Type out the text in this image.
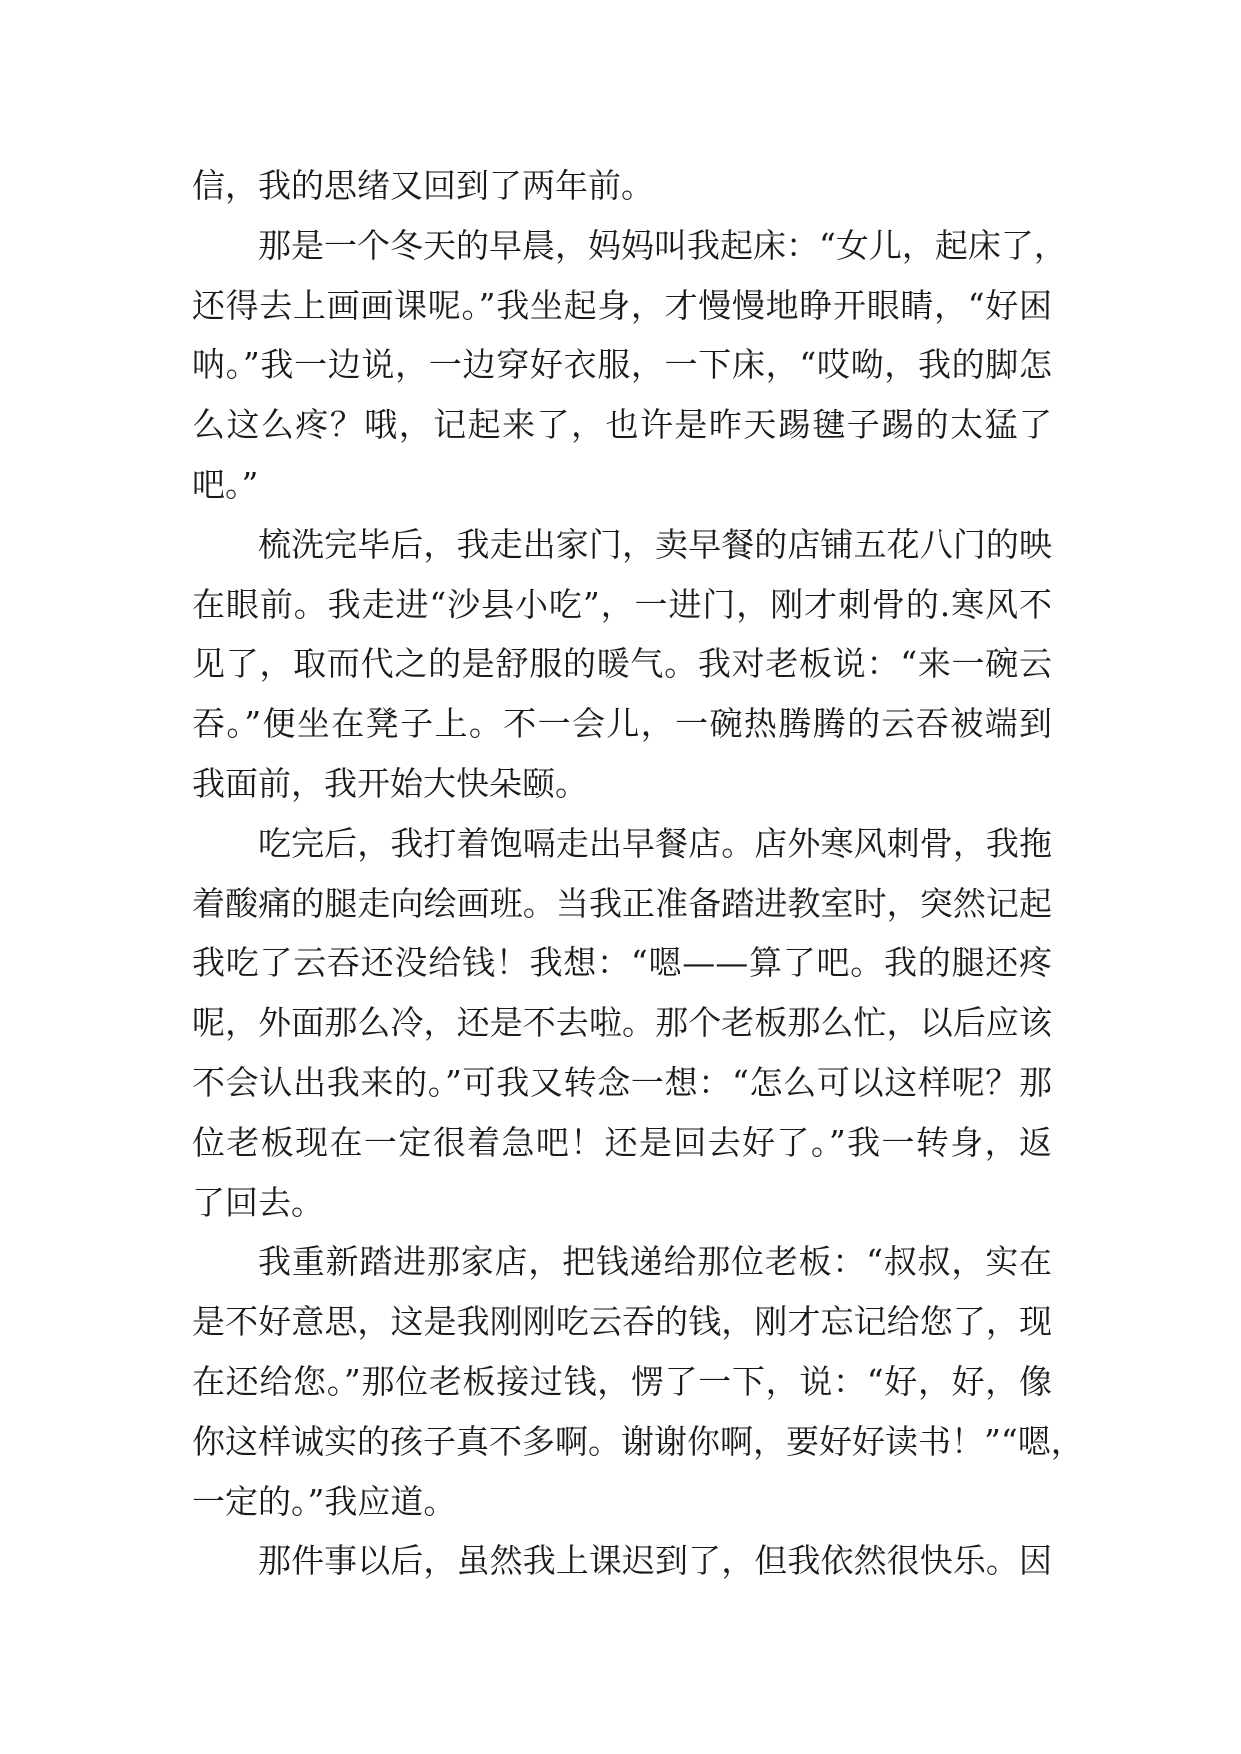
信，我的思绪又回到了两年前。
那是一个冬天的早晨，妈妈叫我起床：“女儿，起床了，
还得去上画画课呢。”我坐起身，才慢慢地睁开眼睛，“好困
呐。”我一边说，一边穿好衣服，一下床，“哎呦，我的脚怎
么这么疼？哦，记起来了，也许是昨天踢毽子踢的太猛了
吧。”
梳洗完毕后，我走出家门，卖早餐的店铺五花八门的映
在眼前。我走进“沙县小吃”，一进门，刚才刺骨的.寒风不
见了，取而代之的是舒服的暖气。我对老板说：“来一碗云
吞。”便坐在凳子上。不一会儿，一碗热腾腾的云吞被端到
我面前，我开始大快朵颐。
吃完后，我打着饱嗝走出早餐店。店外寒风刺骨，我拖
着酸痛的腿走向绘画班。当我正准备踏进教室时，突然记起
我吃了云吞还没给钱！我想：“嗯——算了吧。我的腿还疼
呢，外面那么冷，还是不去啦。那个老板那么忙，以后应该
不会认出我来的。”可我又转念一想：“怎么可以这样呢？那
位老板现在一定很着急吧！还是回去好了。”我一转身，返
了回去。
我重新踏进那家店，把钱递给那位老板：“叔叔，实在
是不好意思，这是我刚刚吃云吞的钱，刚才忘记给您了，现
在还给您。”那位老板接过钱，愣了一下，说：“好，好，像
你这样诚实的孩子真不多啊。谢谢你啊，要好好读书！”“嗯，
一定的。”我应道。
那件事以后，虽然我上课迟到了，但我依然很快乐。因
